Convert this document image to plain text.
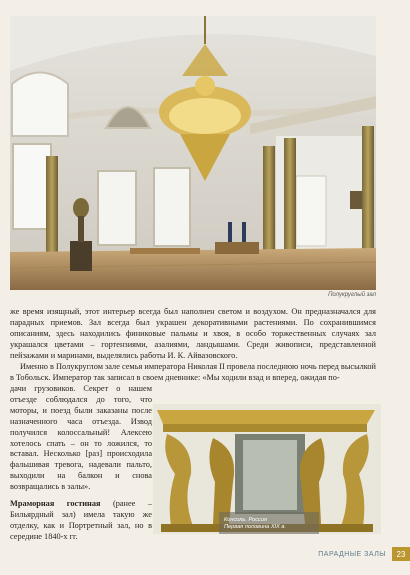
Полукруглый зал

же время изящный, этот интерьер всегда был наполнен светом и воздухом. Он предназначался для парадных приемов. Зал всегда был украшен декоративными растениями. По сохранившимся описаниям, здесь находились финиковые пальмы и хвоя, в особо торжественных случаях зал украшался цветами – гортензиями, азалиями, ландышами. Среди живописи, представленной пейзажами и маринами, выделялись работы И. К. Айвазовского.

Именно в Полукруглом зале семья императора Николая II провела последнюю ночь перед высылкой в Тобольск. Император так записал в своем дневнике: «Мы ходили взад и вперед, ожидая по-

дачи грузовиков. Секрет о нашем отъезде соблюдался до того, что моторы, и поезд были заказаны после назначенного часа отъезда. Извод получился колоссальный! Алексею хотелось спать – он то ложился, то вставал. Несколько [раз] происходила фальшивая тревога, надевали пальто, выходили на балкон и снова возвращались в залы».

Мраморная гостиная (ранее – Бильярдный зал) имела такую же отделку, как и Портретный зал, но в середине 1840-х гг.

Консоль. Россия
Первая половина XIX в.
ПАРАДНЫЕ ЗАЛЫ	23
